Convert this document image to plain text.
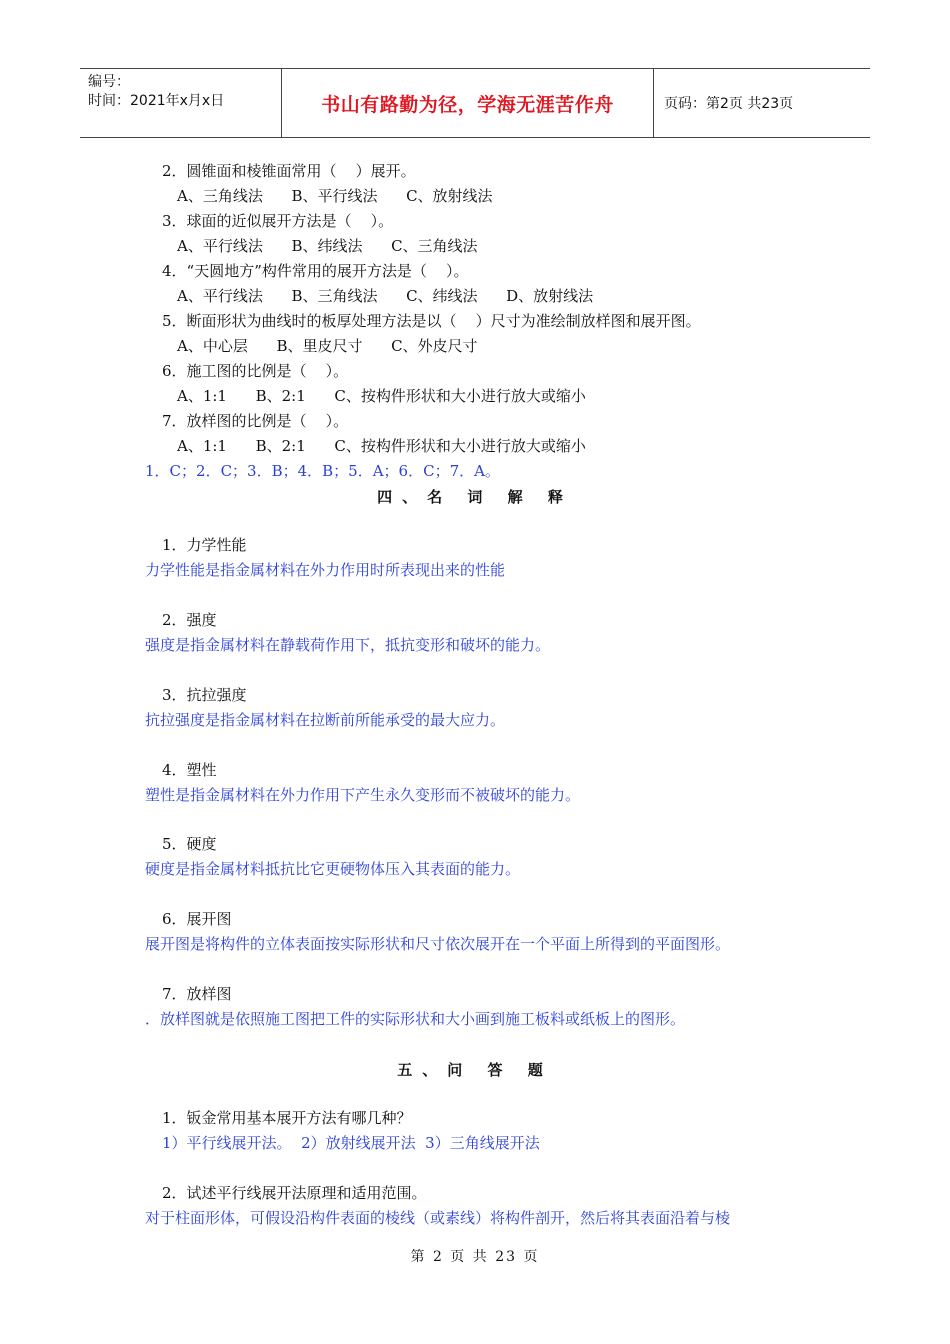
编号：
时间：2021年x月x日	书山有路勤为径，学海无涯苦作舟	页码：第2页 共23页
2．圆锥面和棱锥面常用（    ）展开。
A、三角线法      B、平行线法      C、放射线法
3．球面的近似展开方法是（    ）。
A、平行线法      B、纬线法      C、三角线法
4．“天圆地方”构件常用的展开方法是（    ）。
A、平行线法      B、三角线法      C、纬线法      D、放射线法
5．断面形状为曲线时的板厚处理方法是以（    ）尺寸为准绘制放样图和展开图。
A、中心层      B、里皮尺寸      C、外皮尺寸
6．施工图的比例是（    ）。
A、1:1      B、2:1      C、按构件形状和大小进行放大或缩小
7．放样图的比例是（    ）。
A、1:1      B、2:1      C、按构件形状和大小进行放大或缩小
1．C；2．C；3．B；4．B；5．A；6．C；7．A。
四、名 词 解 释
1．力学性能
力学性能是指金属材料在外力作用时所表现出来的性能
2．强度
强度是指金属材料在静载荷作用下，抵抗变形和破坏的能力。
3．抗拉强度
抗拉强度是指金属材料在拉断前所能承受的最大应力。
4．塑性
塑性是指金属材料在外力作用下产生永久变形而不被破坏的能力。
5．硬度
硬度是指金属材料抵抗比它更硬物体压入其表面的能力。
6．展开图
展开图是将构件的立体表面按实际形状和尺寸依次展开在一个平面上所得到的平面图形。
7．放样图
．放样图就是依照施工图把工件的实际形状和大小画到施工板料或纸板上的图形。
五、问 答 题
1．钣金常用基本展开方法有哪几种？
1）平行线展开法。  2）放射线展开法  3）三角线展开法
2．试述平行线展开法原理和适用范围。
对于柱面形体，可假设沿构件表面的棱线（或素线）将构件剖开，然后将其表面沿着与棱
第 2 页 共 23 页
